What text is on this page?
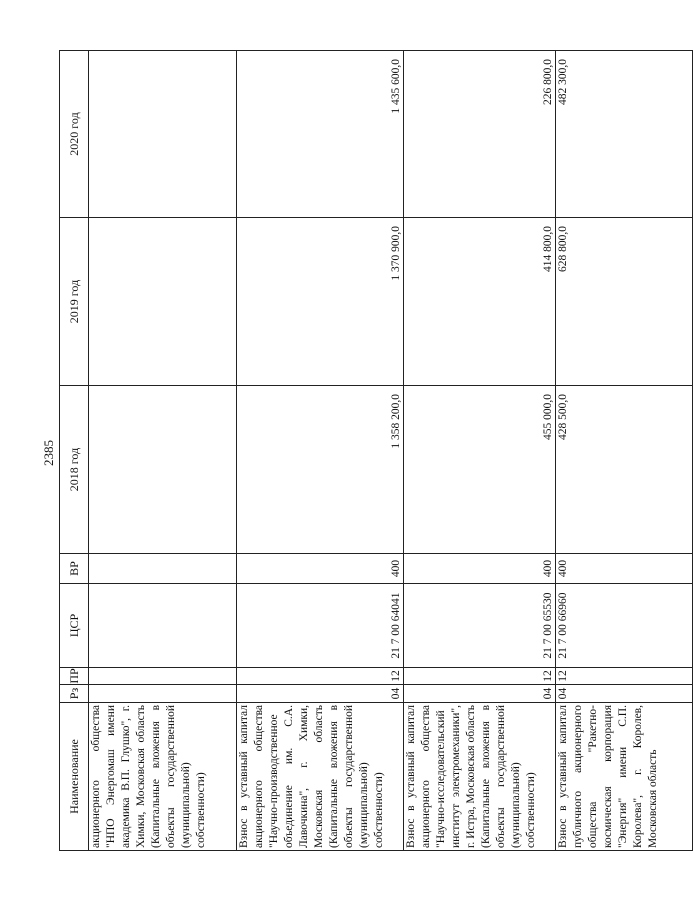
2385
Наименование	Рз	ПР	ЦСР	ВР	2018 год	2019 год	2020 год
акционерного общества "НПО Энергомаш имени академика В.П. Глушко", г. Химки, Московская область (Капитальные вложения в объекты государственной (муниципальной) собственности)							
Взнос в уставный капитал акционерного общества "Научно-производственное объединение им. С.А. Лавочкина", г. Химки, Московская область (Капитальные вложения в объекты государственной (муниципальной) собственности)	04	12	21 7 00 64041	400	1 358 200,0	1 370 900,0	1 435 600,0
Взнос в уставный капитал акционерного общества "Научно-исследовательский институт электромеханики", г. Истра, Московская область (Капитальные вложения в объекты государственной (муниципальной) собственности)	04	12	21 7 00 65530	400	455 000,0	414 800,0	226 800,0
Взнос в уставный капитал публичного акционерного общества "Ракетно-космическая корпорация "Энергия" имени С.П. Королева", г. Королев, Московская область	04	12	21 7 00 66960	400	428 500,0	628 800,0	482 300,0
